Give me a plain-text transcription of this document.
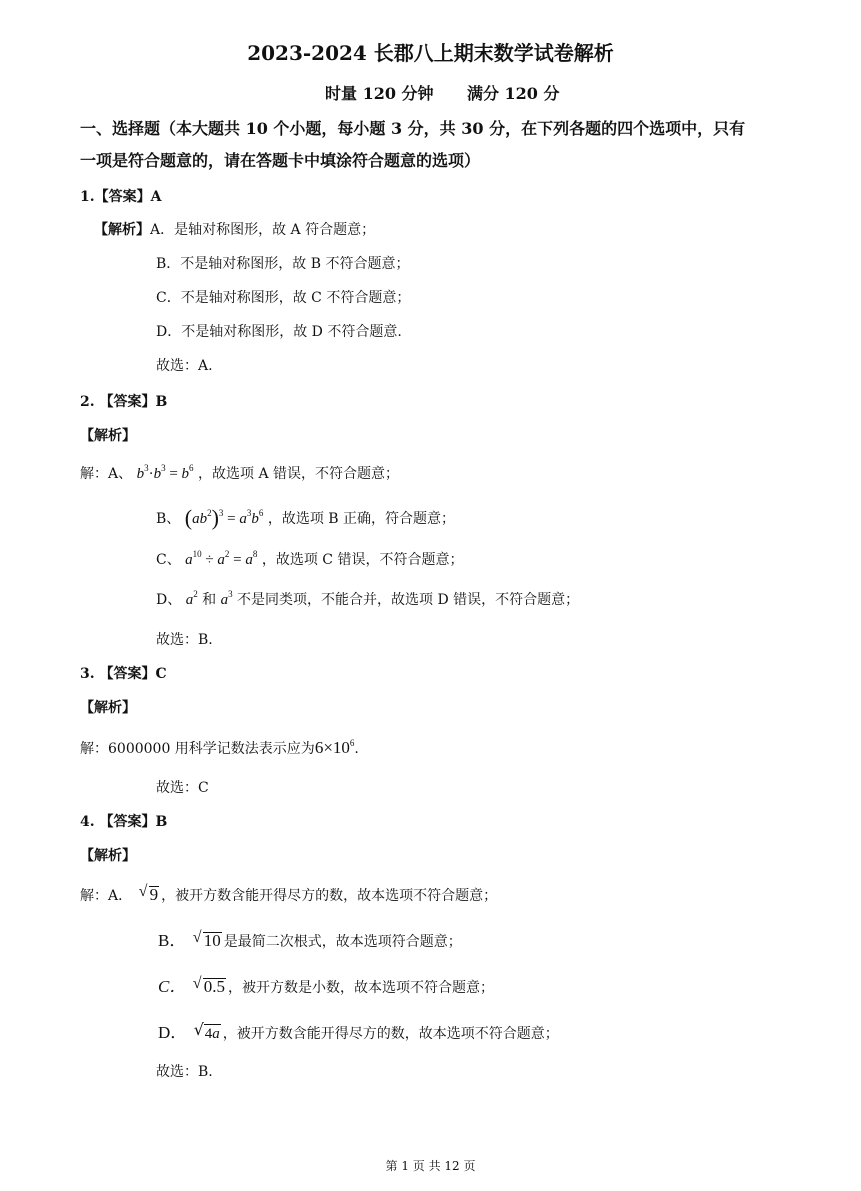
2023-2024 长郡八上期末数学试卷解析
时量 120 分钟      满分 120 分
一、选择题（本大题共 10 个小题，每小题 3 分，共 30 分，在下列各题的四个选项中，只有
一项是符合题意的，请在答题卡中填涂符合题意的选项）
1.【答案】A
【解析】A．是轴对称图形，故 A 符合题意；
B．不是轴对称图形，故 B 不符合题意；
C．不是轴对称图形，故 C 不符合题意；
D．不是轴对称图形，故 D 不符合题意.
故选：A.
2. 【答案】B
【解析】
解：A、 $b^3\cdot b^3 = b^6$ ，故选项 A 错误，不符合题意；
B、 $(ab^2)^3 = a^3b^6$ ，故选项 B 正确，符合题意；
C、 $a^{10} \div a^2 = a^8$ ，故选项 C 错误，不符合题意；
D、 $a^2$ 和 $a^3$ 不是同类项，不能合并，故选项 D 错误，不符合题意；
故选：B.
3. 【答案】C
【解析】
解：6000000 用科学记数法表示应为$6\times 10^6$.
故选：C
4. 【答案】B
【解析】
解：A． √ 9 ，被开方数含能开得尽方的数，故本选项不符合题意；
B． √ 10 是最简二次根式，故本选项符合题意；
C． √ 0.5 ，被开方数是小数，故本选项不符合题意；
D． √ 4a ，被开方数含能开得尽方的数，故本选项不符合题意；
故选：B.
第 1 页 共 12 页
